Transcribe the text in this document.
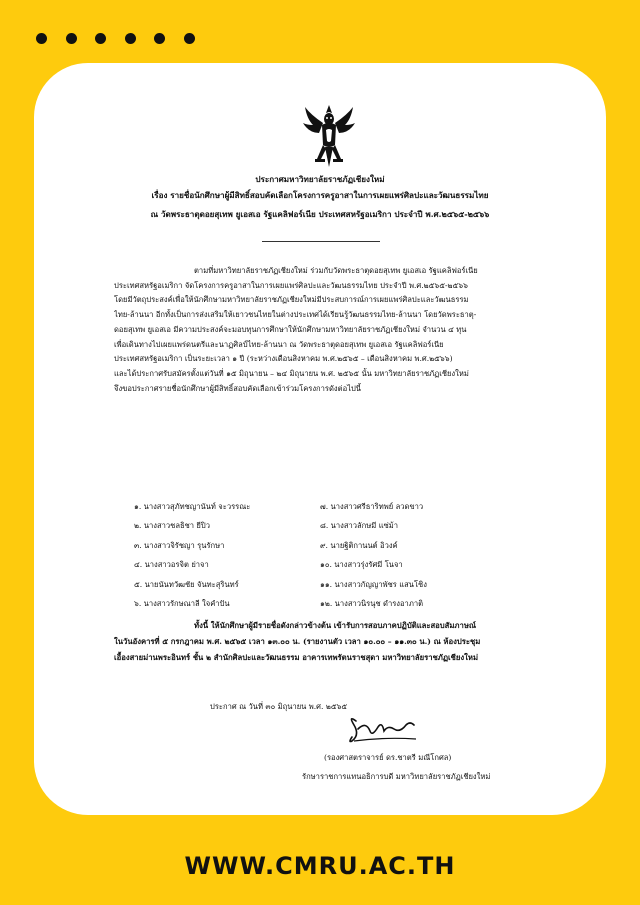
ประกาศมหาวิทยาลัยราชภัฏเชียงใหม่
เรื่อง รายชื่อนักศึกษาผู้มีสิทธิ์สอบคัดเลือกโครงการครูอาสาในการเผยแพร่ศิลปะและวัฒนธรรมไทย
ณ วัดพระธาตุดอยสุเทพ ยูเอสเอ รัฐแคลิฟอร์เนีย ประเทศสหรัฐอเมริกา ประจำปี พ.ศ.๒๕๖๕-๒๕๖๖
ตามที่มหาวิทยาลัยราชภัฏเชียงใหม่ ร่วมกับวัดพระธาตุดอยสุเทพ ยูเอสเอ รัฐแคลิฟอร์เนีย
ประเทศสหรัฐอเมริกา จัดโครงการครูอาสาในการเผยแพร่ศิลปะและวัฒนธรรมไทย ประจำปี พ.ศ.๒๕๖๕-๒๕๖๖
โดยมีวัตถุประสงค์เพื่อให้นักศึกษามหาวิทยาลัยราชภัฏเชียงใหม่มีประสบการณ์การเผยแพร่ศิลปะและวัฒนธรรม
ไทย-ล้านนา อีกทั้งเป็นการส่งเสริมให้เยาวชนไทยในต่างประเทศได้เรียนรู้วัฒนธรรมไทย-ล้านนา โดยวัดพระธาตุ-
ดอยสุเทพ ยูเอสเอ มีความประสงค์จะมอบทุนการศึกษาให้นักศึกษามหาวิทยาลัยราชภัฏเชียงใหม่ จำนวน ๔ ทุน
เพื่อเดินทางไปเผยแพร่ดนตรีและนาฏศิลป์ไทย-ล้านนา ณ วัดพระธาตุดอยสุเทพ ยูเอสเอ รัฐแคลิฟอร์เนีย
ประเทศสหรัฐอเมริกา เป็นระยะเวลา ๑ ปี (ระหว่างเดือนสิงหาคม พ.ศ.๒๕๖๕ – เดือนสิงหาคม พ.ศ.๒๕๖๖)
และได้ประกาศรับสมัครตั้งแต่วันที่ ๑๕ มิถุนายน – ๒๔ มิถุนายน พ.ศ. ๒๕๖๕ นั้น มหาวิทยาลัยราชภัฏเชียงใหม่
จึงขอประกาศรายชื่อนักศึกษาผู้มีสิทธิ์สอบคัดเลือกเข้าร่วมโครงการดังต่อไปนี้
๑. นางสาวสุภัทชญานันท์ จะวรรณะ	๗. นางสาวศรีธาริทพย์ ลวดขาว
๒. นางสาวชลธิชา ยีปิว	๘. นางสาวลักษมี แซ่ม้า
๓. นางสาวจิรัชญา รุนรักษา	๙. นายฐิติกานนต์ อิวงค์
๔. นางสาวอรจิต ย่าจา	๑๐. นางสาวรุ่งรัศมี โนจา
๕. นายนันทวัฒชัย จันทะสุรินทร์	๑๑. นางสาวกัญญาพัชร แสนโชิง
๖. นางสาวรักษณาลี ใจคำปัน	๑๒. นางสาวนิรนุช ดำรงอาภาติ
ทั้งนี้ ให้นักศึกษาผู้มีรายชื่อดังกล่าวข้างต้น เข้ารับการสอบภาคปฏิบัติและสอบสัมภาษณ์
ในวันอังคารที่ ๕ กรกฎาคม พ.ศ. ๒๕๖๕ เวลา ๑๓.๐๐ น. (รายงานตัว เวลา ๑๐.๐๐ – ๑๑.๓๐ น.) ณ ห้องประชุม
เอื้องสายม่านพระอินทร์ ชั้น ๒ สำนักศิลปะและวัฒนธรรม อาคารเทพรัตนราชสุดา มหาวิทยาลัยราชภัฏเชียงใหม่
ประกาศ ณ วันที่ ๓๐ มิถุนายน พ.ศ. ๒๕๖๕
(รองศาสตราจารย์ ดร.ชาตรี มณีโกศล)
รักษาราชการแทนอธิการบดี มหาวิทยาลัยราชภัฏเชียงใหม่
WWW.CMRU.AC.TH
